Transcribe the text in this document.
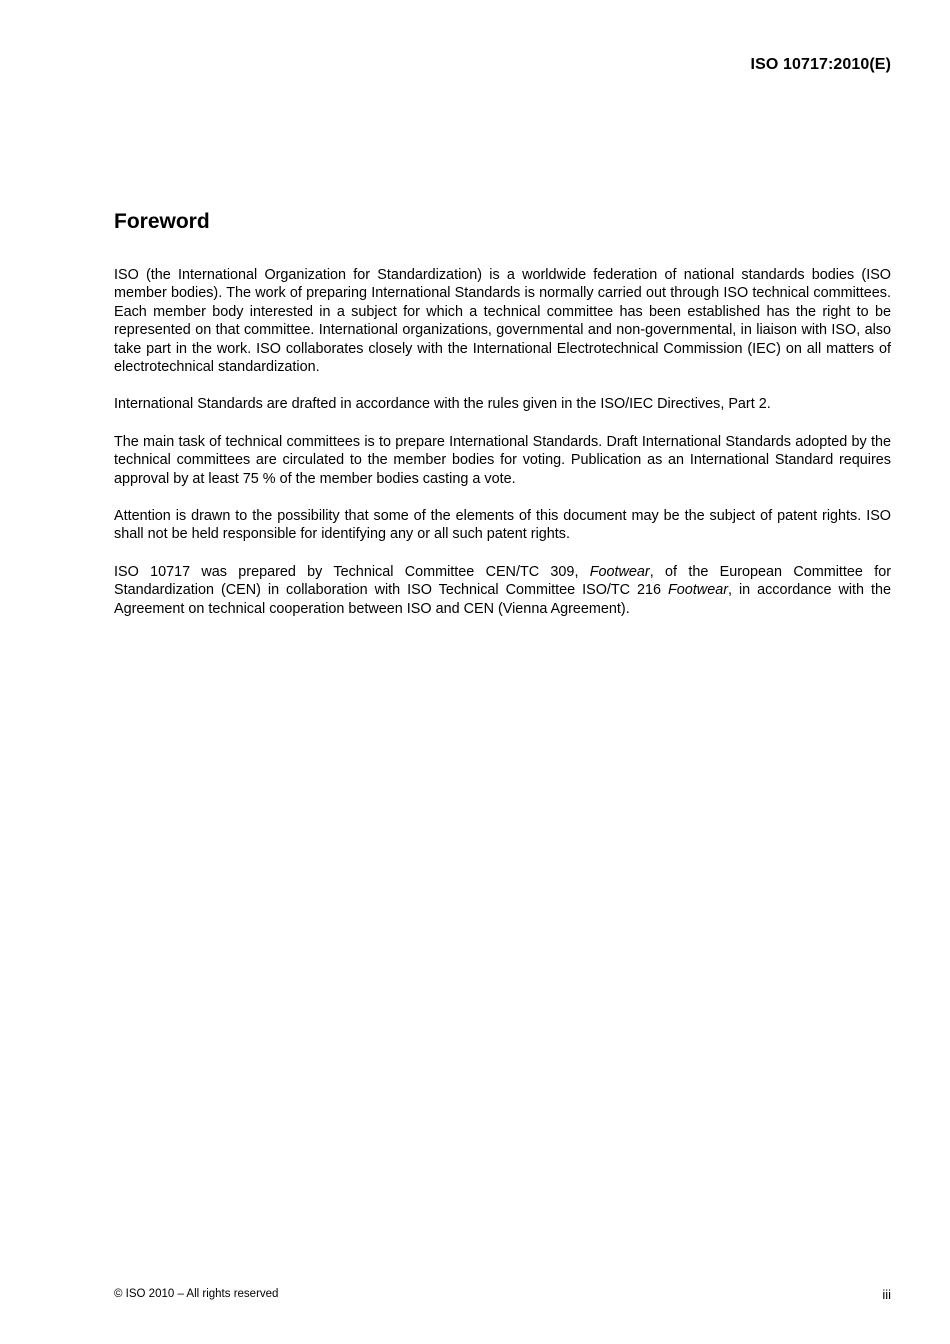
ISO 10717:2010(E)
Foreword

ISO (the International Organization for Standardization) is a worldwide federation of national standards bodies (ISO member bodies). The work of preparing International Standards is normally carried out through ISO technical committees. Each member body interested in a subject for which a technical committee has been established has the right to be represented on that committee. International organizations, governmental and non-governmental, in liaison with ISO, also take part in the work. ISO collaborates closely with the International Electrotechnical Commission (IEC) on all matters of electrotechnical standardization.

International Standards are drafted in accordance with the rules given in the ISO/IEC Directives, Part 2.

The main task of technical committees is to prepare International Standards. Draft International Standards adopted by the technical committees are circulated to the member bodies for voting. Publication as an International Standard requires approval by at least 75 % of the member bodies casting a vote.

Attention is drawn to the possibility that some of the elements of this document may be the subject of patent rights. ISO shall not be held responsible for identifying any or all such patent rights.

ISO 10717 was prepared by Technical Committee CEN/TC 309, Footwear, of the European Committee for Standardization (CEN) in collaboration with ISO Technical Committee ISO/TC 216 Footwear, in accordance with the Agreement on technical cooperation between ISO and CEN (Vienna Agreement).

© ISO 2010 – All rights reserved	iii
